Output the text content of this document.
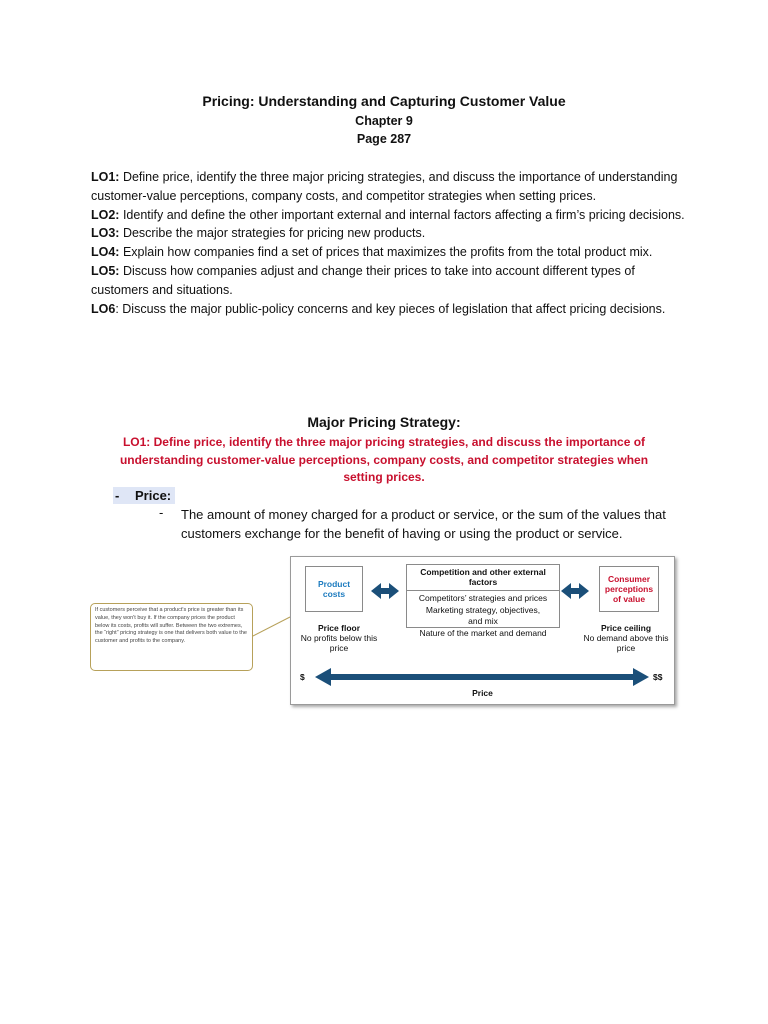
Pricing: Understanding and Capturing Customer Value
Chapter 9
Page 287

LO1: Define price, identify the three major pricing strategies, and discuss the importance of understanding customer-value perceptions, company costs, and competitor strategies when setting prices.

LO2: Identify and define the other important external and internal factors affecting a firm’s pricing decisions.

LO3: Describe the major strategies for pricing new products.

LO4: Explain how companies find a set of prices that maximizes the profits from the total product mix.

LO5: Discuss how companies adjust and change their prices to take into account different types of customers and situations.

LO6: Discuss the major public-policy concerns and key pieces of legislation that affect pricing decisions.

Major Pricing Strategy:
LO1: Define price, identify the three major pricing strategies, and discuss the importance of understanding customer-value perceptions, company costs, and competitor strategies when setting prices.
- Price:
- The amount of money charged for a product or service, or the sum of the values that customers exchange for the benefit of having or using the product or service.
If customers perceive that a product's price is greater than its value, they won't buy it. If the company prices the product below its costs, profits will suffer. Between the two extremes, the “right” pricing strategy is one that delivers both value to the customer and profits to the company.
Product costs
Competition and other external factors
Competitors’ strategies and prices
Marketing strategy, objectives,
and mix
Nature of the market and demand
Consumer perceptions of value
Price floor
No profits below this price
Price ceiling
No demand above this price
$	$$
Price
